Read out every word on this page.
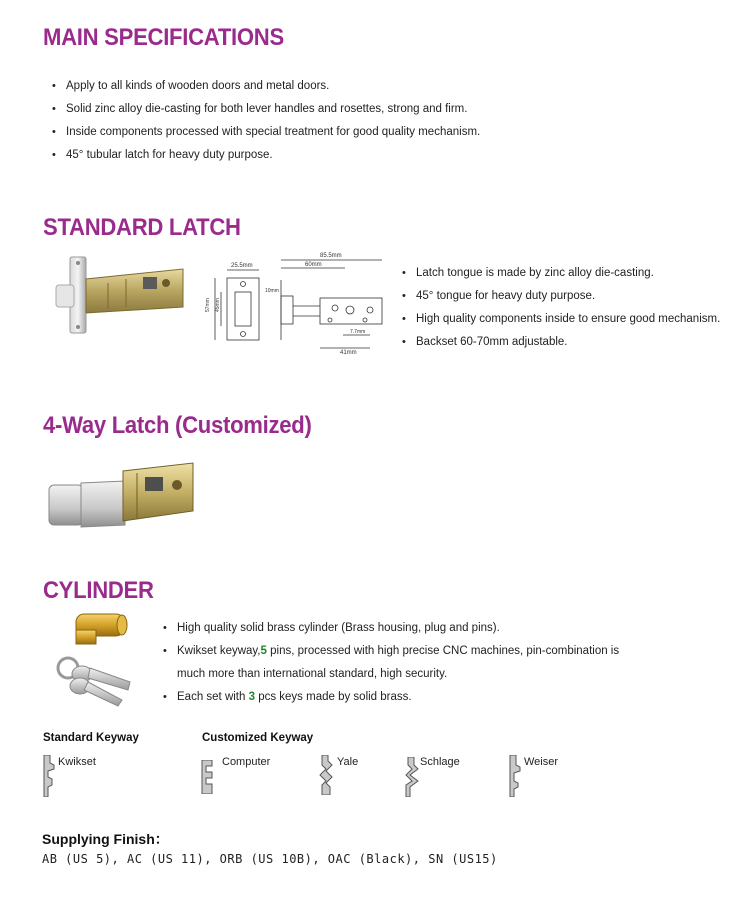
MAIN SPECIFICATIONS
• Apply to all kinds of wooden doors and metal doors.
• Solid zinc alloy die-casting for both lever handles and rosettes, strong and firm.
• Inside components processed with special treatment for good quality mechanism.
• 45° tubular latch for heavy duty purpose.
STANDARD LATCH
25.5mm
85.5mm
60mm
10mm
7.7mm
41mm
57mm 45mm
• Latch tongue is made by zinc alloy die-casting.
• 45° tongue for heavy duty purpose.
• High quality components inside to ensure good mechanism.
• Backset 60-70mm adjustable.
4-Way Latch (Customized)
CYLINDER
• High quality solid brass cylinder (Brass housing, plug and pins).
• Kwikset keyway,5 pins, processed with high precise CNC machines, pin-combination is
much more than international standard, high security.
• Each set with 3 pcs keys made by solid brass.
Standard Keyway	Customized Keyway
Kwikset	Computer	Yale	Schlage	Weiser
Supplying Finish：
AB (US 5), AC (US 11), ORB (US 10B), OAC (Black), SN (US15)
